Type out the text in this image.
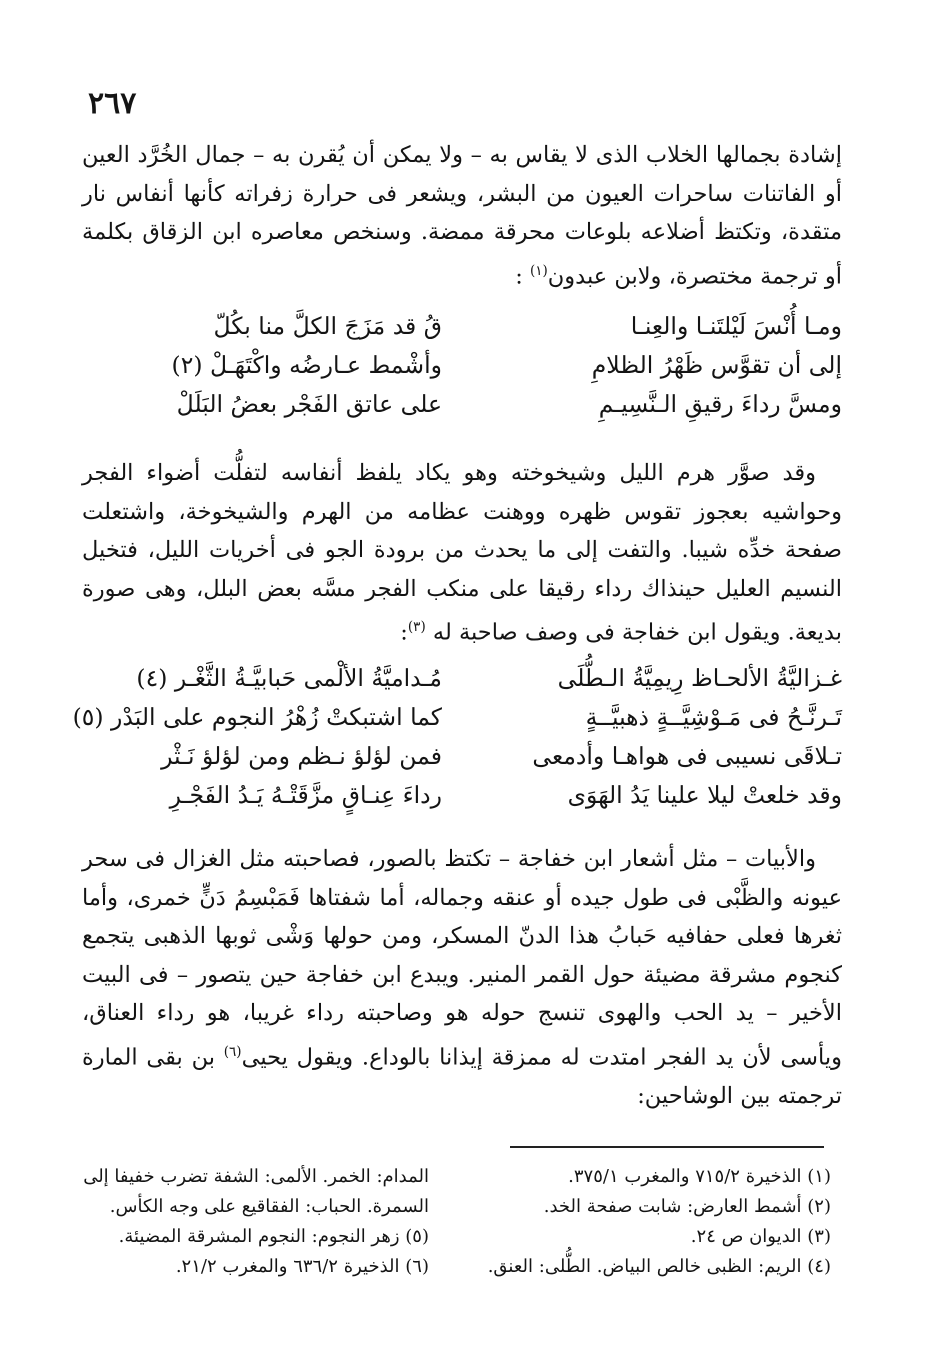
٢٦٧

إشادة بجمالها الخلاب الذى لا يقاس به – ولا يمكن أن يُقرن به – جمال الخُرَّد العين أو الفاتنات ساحرات العيون من البشر، ويشعر فى حرارة زفراته كأنها أنفاس نار متقدة، وتكتظ أضلاعه بلوعات محرقة ممضة. وسنخص معاصره ابن الزقاق بكلمة أو ترجمة مختصرة، ولابن عبدون$^{(١)}$ :

ومـا أُنْسَ لَيْلتَنـا والعِنـا
قُ قد مَزَجَ الكلَّ منا بكُلّ
إلى أن تقوَّس ظَهْرُ الظلامِ
وأشْمط عـارضُه واكْتَهَـلْ (٢)
ومسَّ رداءَ رقيقِ الـنَّسِيـمِ
على عاتق الفَجْر بعضُ البَلَلْ

وقد صوَّر هرم الليل وشيخوخته وهو يكاد يلفظ أنفاسه لتفلُّت أضواء الفجر وحواشيه بعجوز تقوس ظهره ووهنت عظامه من الهرم والشيخوخة، واشتعلت صفحة خدِّه شيبا. والتفت إلى ما يحدث من برودة الجو فى أخريات الليل، فتخيل النسيم العليل حينذاك رداء رقيقا على منكب الفجر مسَّه بعض البلل، وهى صورة بديعة. ويقول ابن خفاجة فى وصف صاحبة له $^{(٣)}$:

غـزاليَّةُ الألحـاظ رِيمِيَّةُ الـطُّلَى
مُـداميَّةُ الألْمى حَبابيَّـةُ الثَّغْـر (٤)
تَـرنَّـحُ فى مَـوْشِيَّــةٍ ذهبيَّــةٍ
كما اشتبكتْ زُهْرُ النجوم على البَدْر (٥)
تـلاقَى نسيبى فى هواهـا وأدمعى
فمن لؤلؤ نـظم ومن لؤلؤ نَـثْر
وقد خلعتْ ليلا علينا يَدُ الهَوَى
رداءَ عِنـاقٍ مزَّقَتْـهُ يَـدُ الفَجْـرِ

والأبيات – مثل أشعار ابن خفاجة – تكتظ بالصور، فصاحبته مثل الغزال فى سحر عيونه والظَّبْى فى طول جيده أو عنقه وجماله، أما شفتاها فَمَبْسِمُ دَنٍّ خمرى، وأما ثغرها فعلى حفافيه حَبابُ هذا الدنّ المسكر، ومن حولها وَشْى ثوبها الذهبى يتجمع كنجوم مشرقة مضيئة حول القمر المنير. ويبدع ابن خفاجة حين يتصور – فى البيت الأخير – يد الحب والهوى تنسج حوله هو وصاحبته رداء غريبا، هو رداء العناق، ويأسى لأن يد الفجر امتدت له ممزقة إيذانا بالوداع. ويقول يحيى$^{(٦)}$ بن بقى المارة ترجمته بين الوشاحين:

(١) الذخيرة ٧١٥/٢ والمغرب ٣٧٥/١.
(٢) أشمط العارض: شابت صفحة الخد.
(٣) الديوان ص ٢٤.
(٤) الريم: الظبى خالص البياض. الطُّلى: العنق.
المدام: الخمر. الألمى: الشفة تضرب خفيفا إلى
السمرة. الحباب: الفقاقيع على وجه الكأس.
(٥) زهر النجوم: النجوم المشرقة المضيئة.
(٦) الذخيرة ٦٣٦/٢ والمغرب ٢١/٢.
